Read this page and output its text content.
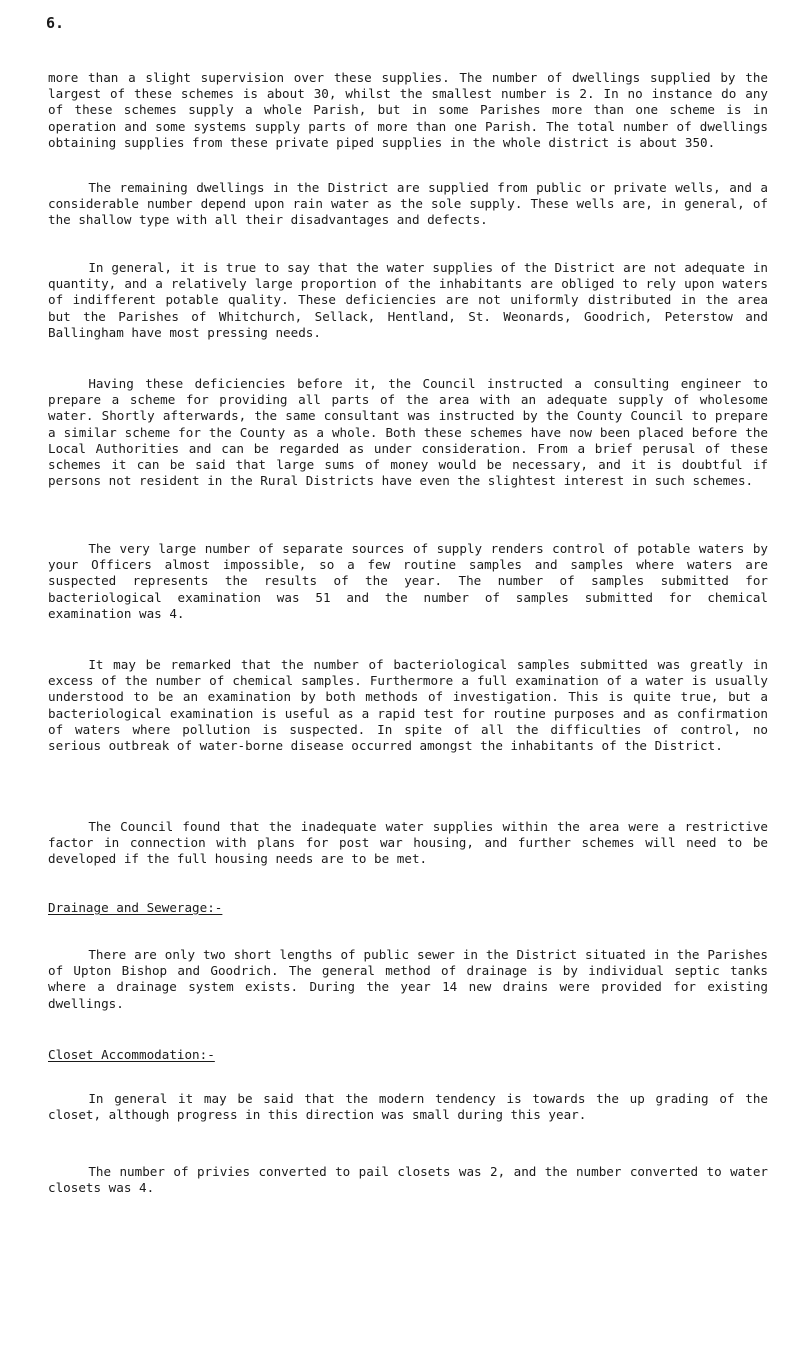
6.

more than a slight supervision over these supplies. The number of dwellings supplied by the largest of these schemes is about 30, whilst the smallest number is 2. In no instance do any of these schemes supply a whole Parish, but in some Parishes more than one scheme is in operation and some systems supply parts of more than one Parish. The total number of dwellings obtaining supplies from these private piped supplies in the whole district is about 350.

The remaining dwellings in the District are supplied from public or private wells, and a considerable number depend upon rain water as the sole supply. These wells are, in general, of the shallow type with all their disadvantages and defects.

In general, it is true to say that the water supplies of the District are not adequate in quantity, and a relatively large proportion of the inhabitants are obliged to rely upon waters of indifferent potable quality. These deficiencies are not uniformly distributed in the area but the Parishes of Whitchurch, Sellack, Hentland, St. Weonards, Goodrich, Peterstow and Ballingham have most pressing needs.

Having these deficiencies before it, the Council instructed a consulting engineer to prepare a scheme for providing all parts of the area with an adequate supply of wholesome water. Shortly afterwards, the same consultant was instructed by the County Council to prepare a similar scheme for the County as a whole. Both these schemes have now been placed before the Local Authorities and can be regarded as under consideration. From a brief perusal of these schemes it can be said that large sums of money would be necessary, and it is doubtful if persons not resident in the Rural Districts have even the slightest interest in such schemes.

The very large number of separate sources of supply renders control of potable waters by your Officers almost impossible, so a few routine samples and samples where waters are suspected represents the results of the year. The number of samples submitted for bacteriological examination was 51 and the number of samples submitted for chemical examination was 4.

It may be remarked that the number of bacteriological samples submitted was greatly in excess of the number of chemical samples. Furthermore a full examination of a water is usually understood to be an examination by both methods of investigation. This is quite true, but a bacteriological examination is useful as a rapid test for routine purposes and as confirmation of waters where pollution is suspected. In spite of all the difficulties of control, no serious outbreak of water-borne disease occurred amongst the inhabitants of the District.

The Council found that the inadequate water supplies within the area were a restrictive factor in connection with plans for post war housing, and further schemes will need to be developed if the full housing needs are to be met.

Drainage and Sewerage:-

There are only two short lengths of public sewer in the District situated in the Parishes of Upton Bishop and Goodrich. The general method of drainage is by individual septic tanks where a drainage system exists. During the year 14 new drains were provided for existing dwellings.

Closet Accommodation:-

In general it may be said that the modern tendency is towards the up grading of the closet, although progress in this direction was small during this year.

The number of privies converted to pail closets was 2, and the number converted to water closets was 4.
